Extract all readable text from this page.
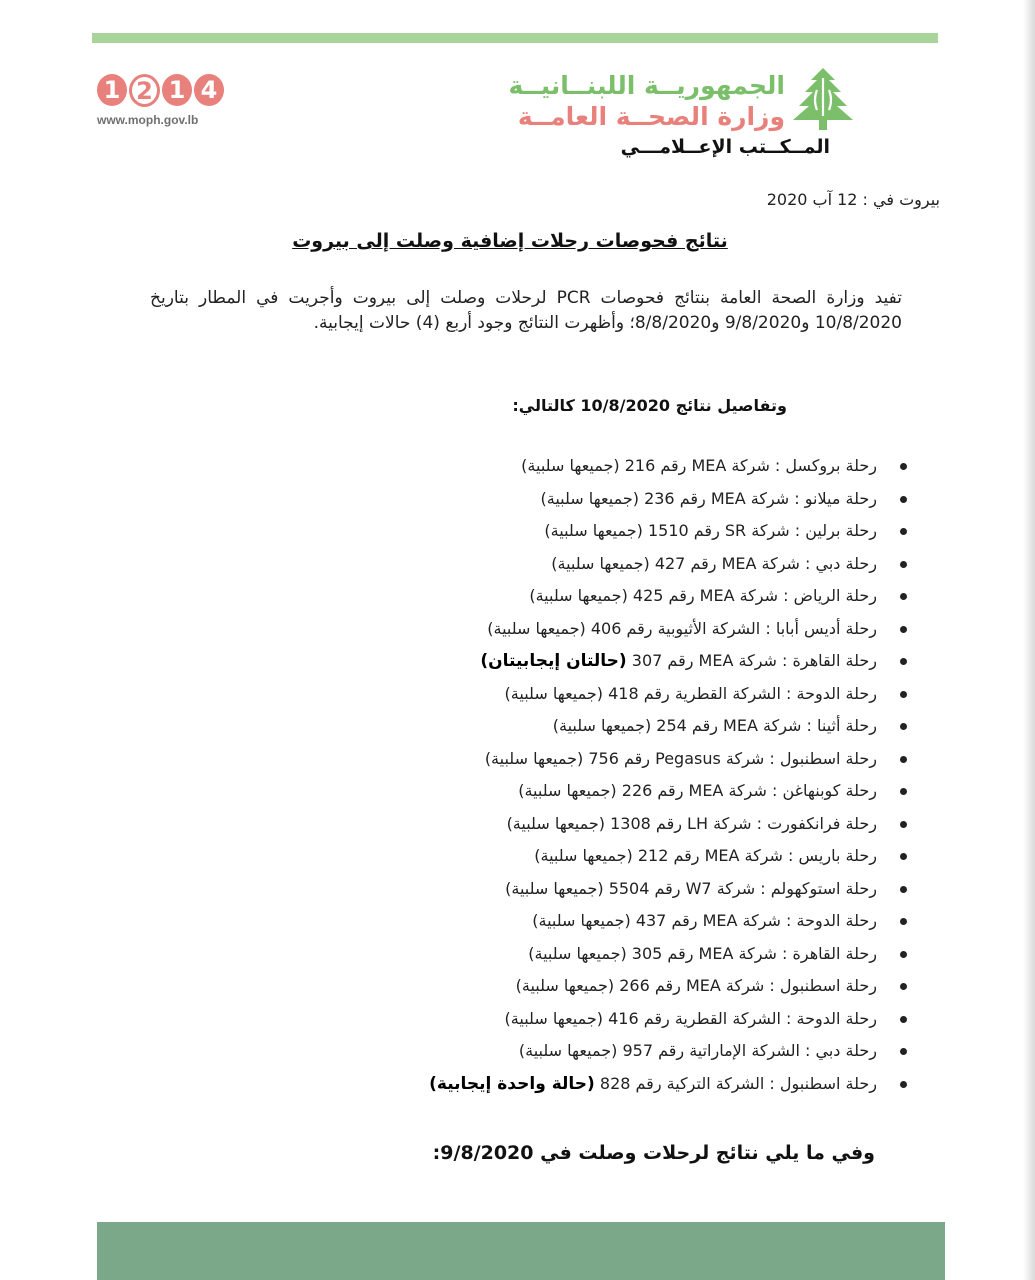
1 2 1 4
www.moph.gov.lb
الجمهوريــة اللبنــانيــة
وزارة الصحــة العامــة
المــكــتب الإعــلامـــي
بيروت في : 12 آب 2020
نتائج فحوصات رحلات إضافية وصلت إلى بيروت
تفيد وزارة الصحة العامة بنتائج فحوصات PCR لرحلات وصلت إلى بيروت وأجريت في المطار بتاريخ 10/8/2020 و9/8/2020 و8/8/2020؛ وأظهرت النتائج وجود أربع (4) حالات إيجابية.
وتفاصيل نتائج 10/8/2020 كالتالي:
رحلة بروكسل : شركة MEA رقم 216 (جميعها سلبية)
رحلة ميلانو : شركة MEA رقم 236 (جميعها سلبية)
رحلة برلين : شركة SR رقم 1510 (جميعها سلبية)
رحلة دبي : شركة MEA رقم 427 (جميعها سلبية)
رحلة الرياض : شركة MEA رقم 425 (جميعها سلبية)
رحلة أديس أبابا : الشركة الأثيوبية رقم 406 (جميعها سلبية)
رحلة القاهرة : شركة MEA رقم 307 (حالتان إيجابيتان)
رحلة الدوحة : الشركة القطرية رقم 418 (جميعها سلبية)
رحلة أثينا : شركة MEA رقم 254 (جميعها سلبية)
رحلة اسطنبول : شركة Pegasus رقم 756 (جميعها سلبية)
رحلة كوبنهاغن : شركة MEA رقم 226 (جميعها سلبية)
رحلة فرانكفورت : شركة LH رقم 1308 (جميعها سلبية)
رحلة باريس : شركة MEA رقم 212 (جميعها سلبية)
رحلة استوكهولم : شركة W7 رقم 5504 (جميعها سلبية)
رحلة الدوحة : شركة MEA رقم 437 (جميعها سلبية)
رحلة القاهرة : شركة MEA رقم 305 (جميعها سلبية)
رحلة اسطنبول : شركة MEA رقم 266 (جميعها سلبية)
رحلة الدوحة : الشركة القطرية رقم 416 (جميعها سلبية)
رحلة دبي : الشركة الإماراتية رقم 957 (جميعها سلبية)
رحلة اسطنبول : الشركة التركية رقم 828 (حالة واحدة إيجابية)
وفي ما يلي نتائج لرحلات وصلت في 9/8/2020:
